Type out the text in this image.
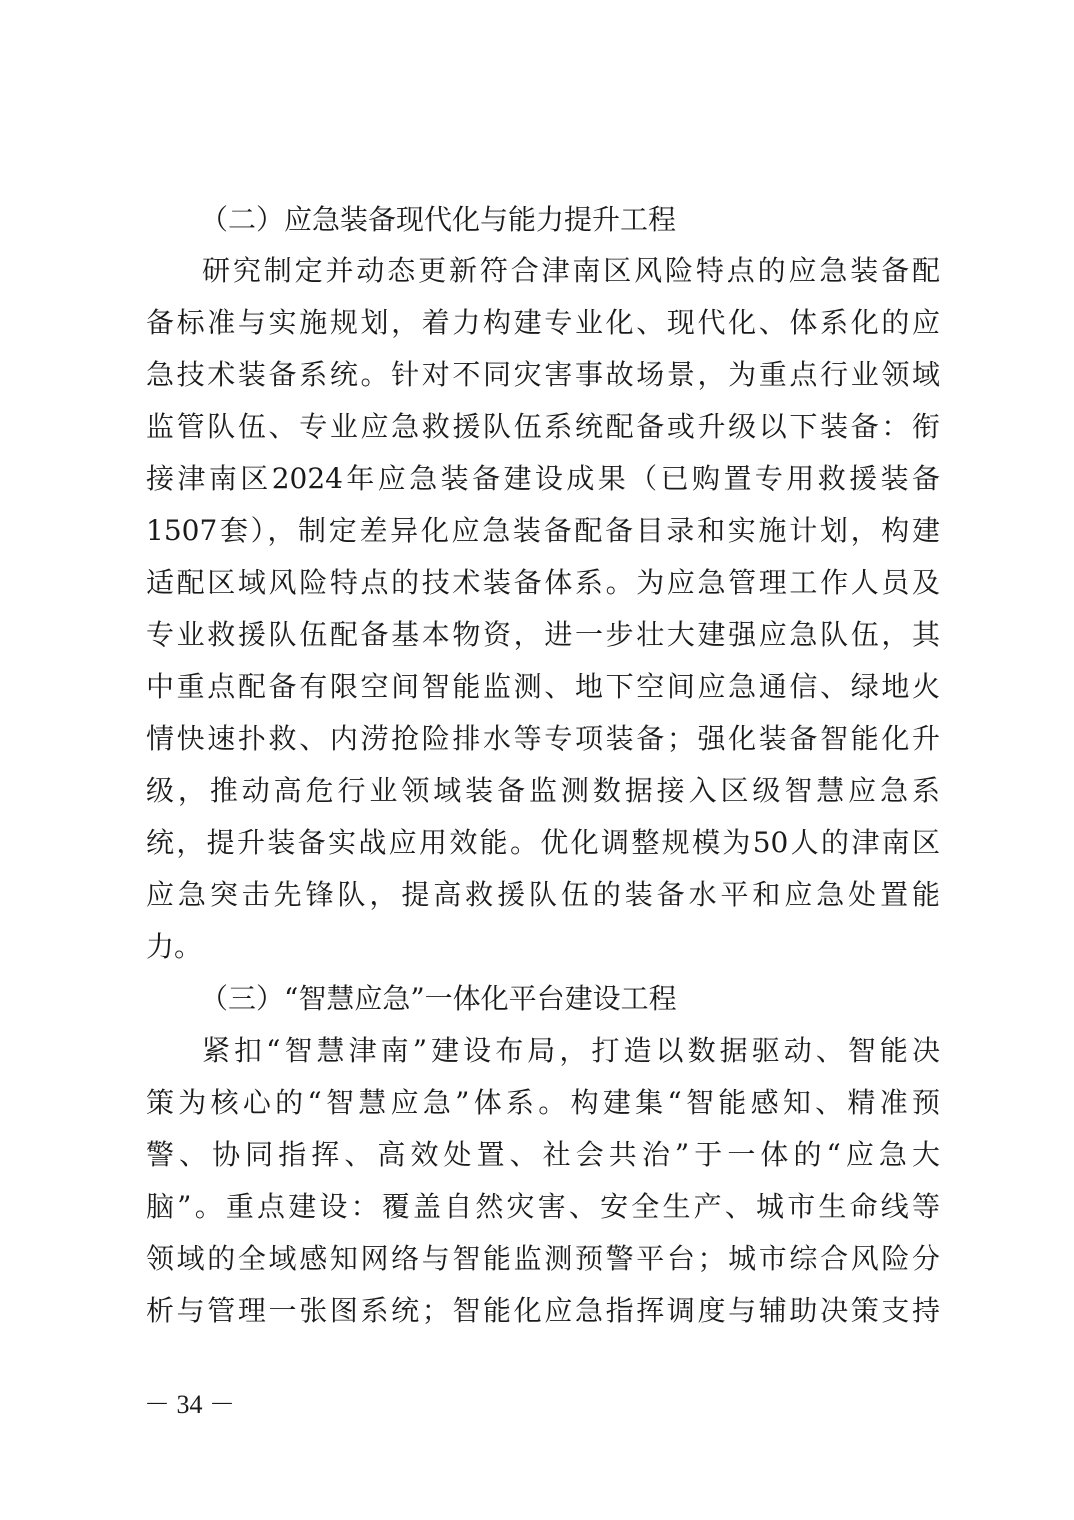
（二）应急装备现代化与能力提升工程
研究制定并动态更新符合津南区风险特点的应急装备配
备标准与实施规划，着力构建专业化、现代化、体系化的应
急技术装备系统。针对不同灾害事故场景，为重点行业领域
监管队伍、专业应急救援队伍系统配备或升级以下装备：衔
接津南区2024年应急装备建设成果（已购置专用救援装备
1507套），制定差异化应急装备配备目录和实施计划，构建
适配区域风险特点的技术装备体系。为应急管理工作人员及
专业救援队伍配备基本物资，进一步壮大建强应急队伍，其
中重点配备有限空间智能监测、地下空间应急通信、绿地火
情快速扑救、内涝抢险排水等专项装备；强化装备智能化升
级，推动高危行业领域装备监测数据接入区级智慧应急系
统，提升装备实战应用效能。优化调整规模为50人的津南区
应急突击先锋队，提高救援队伍的装备水平和应急处置能
力。
（三）“智慧应急”一体化平台建设工程
紧扣“智慧津南”建设布局，打造以数据驱动、智能决
策为核心的“智慧应急”体系。构建集“智能感知、精准预
警、协同指挥、高效处置、社会共治”于一体的“应急大
脑”。重点建设：覆盖自然灾害、安全生产、城市生命线等
领域的全域感知网络与智能监测预警平台；城市综合风险分
析与管理一张图系统；智能化应急指挥调度与辅助决策支持
－ 34 －
